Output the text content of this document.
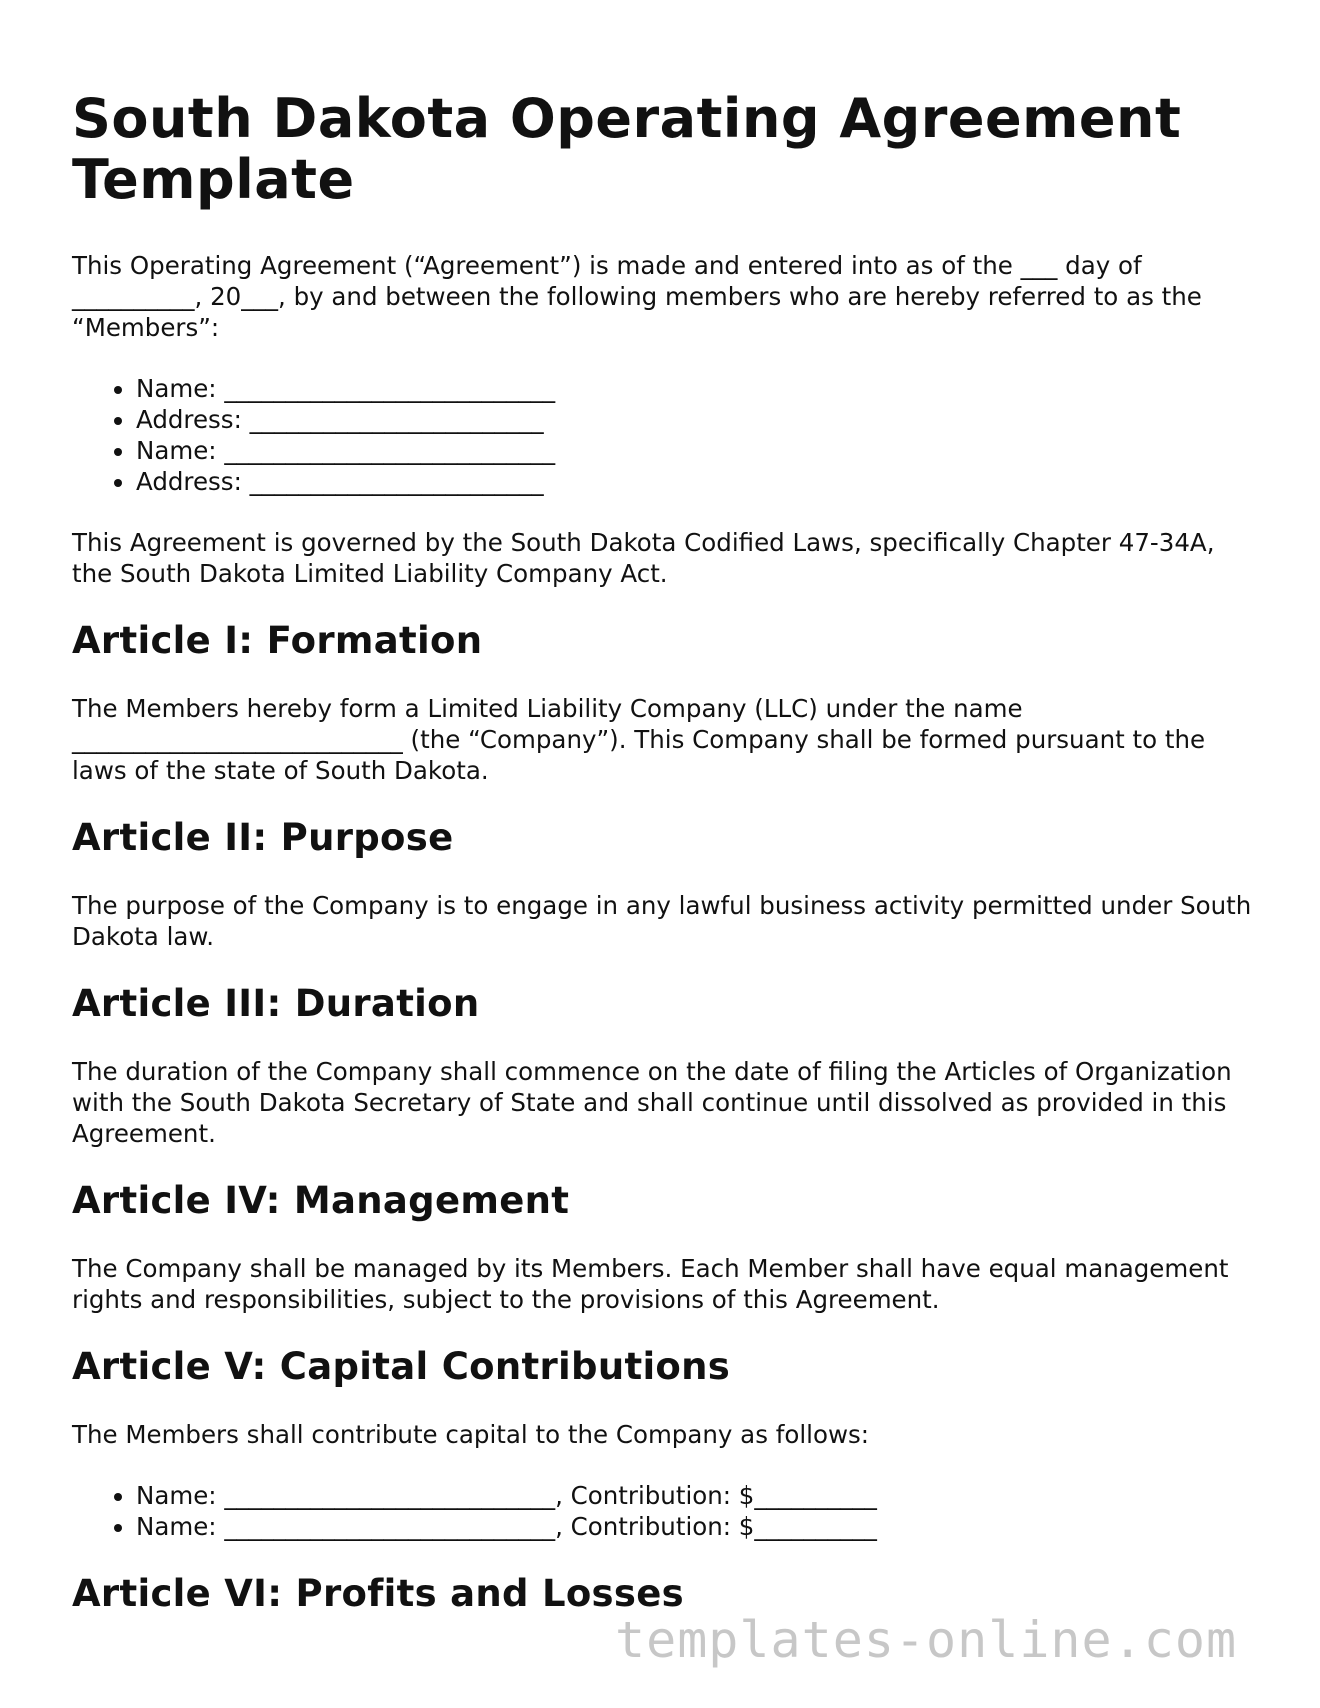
South Dakota Operating Agreement Template

This Operating Agreement (“Agreement”) is made and entered into as of the ___ day of __________, 20___, by and between the following members who are hereby referred to as the “Members”:

• Name: ___________________________
• Address: ________________________
• Name: ___________________________
• Address: ________________________

This Agreement is governed by the South Dakota Codified Laws, specifically Chapter 47-34A, the South Dakota Limited Liability Company Act.

Article I: Formation

The Members hereby form a Limited Liability Company (LLC) under the name ___________________________ (the “Company”). This Company shall be formed pursuant to the laws of the state of South Dakota.

Article II: Purpose

The purpose of the Company is to engage in any lawful business activity permitted under South Dakota law.

Article III: Duration

The duration of the Company shall commence on the date of filing the Articles of Organization with the South Dakota Secretary of State and shall continue until dissolved as provided in this Agreement.

Article IV: Management

The Company shall be managed by its Members. Each Member shall have equal management rights and responsibilities, subject to the provisions of this Agreement.

Article V: Capital Contributions

The Members shall contribute capital to the Company as follows:

• Name: ___________________________, Contribution: $__________
• Name: ___________________________, Contribution: $__________
Article VI: Profits and Losses
templates-online.com
